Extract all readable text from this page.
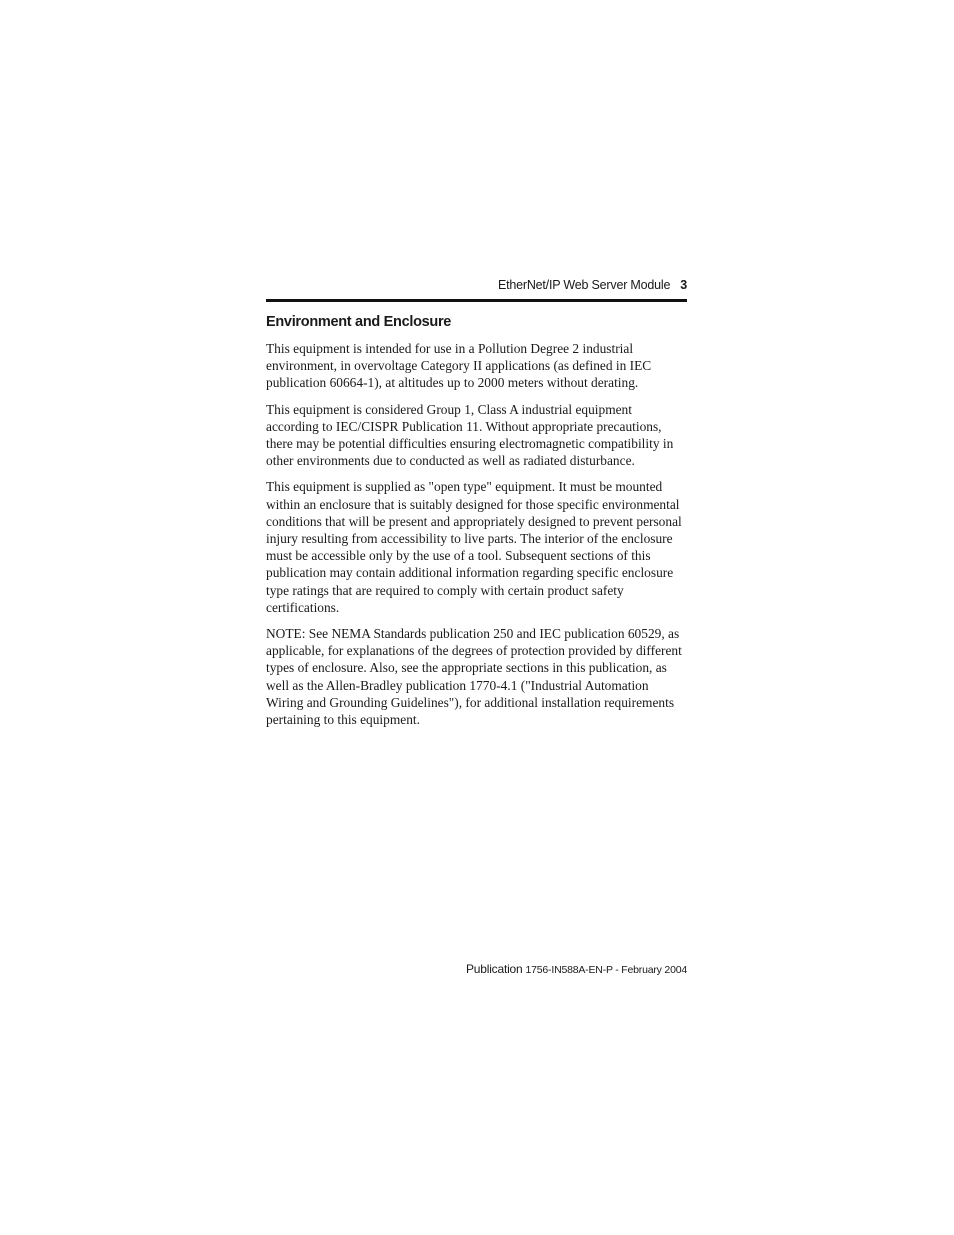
EtherNet/IP Web Server Module 3
Environment and Enclosure

This equipment is intended for use in a Pollution Degree 2 industrial environment, in overvoltage Category II applications (as defined in IEC publication 60664-1), at altitudes up to 2000 meters without derating.

This equipment is considered Group 1, Class A industrial equipment according to IEC/CISPR Publication 11. Without appropriate precautions, there may be potential difficulties ensuring electromagnetic compatibility in other environments due to conducted as well as radiated disturbance.

This equipment is supplied as "open type" equipment. It must be mounted within an enclosure that is suitably designed for those specific environmental conditions that will be present and appropriately designed to prevent personal injury resulting from accessibility to live parts. The interior of the enclosure must be accessible only by the use of a tool. Subsequent sections of this publication may contain additional information regarding specific enclosure type ratings that are required to comply with certain product safety certifications.

NOTE: See NEMA Standards publication 250 and IEC publication 60529, as applicable, for explanations of the degrees of protection provided by different types of enclosure. Also, see the appropriate sections in this publication, as well as the Allen-Bradley publication 1770-4.1 ("Industrial Automation Wiring and Grounding Guidelines"), for additional installation requirements pertaining to this equipment.

Publication 1756-IN588A-EN-P - February 2004
